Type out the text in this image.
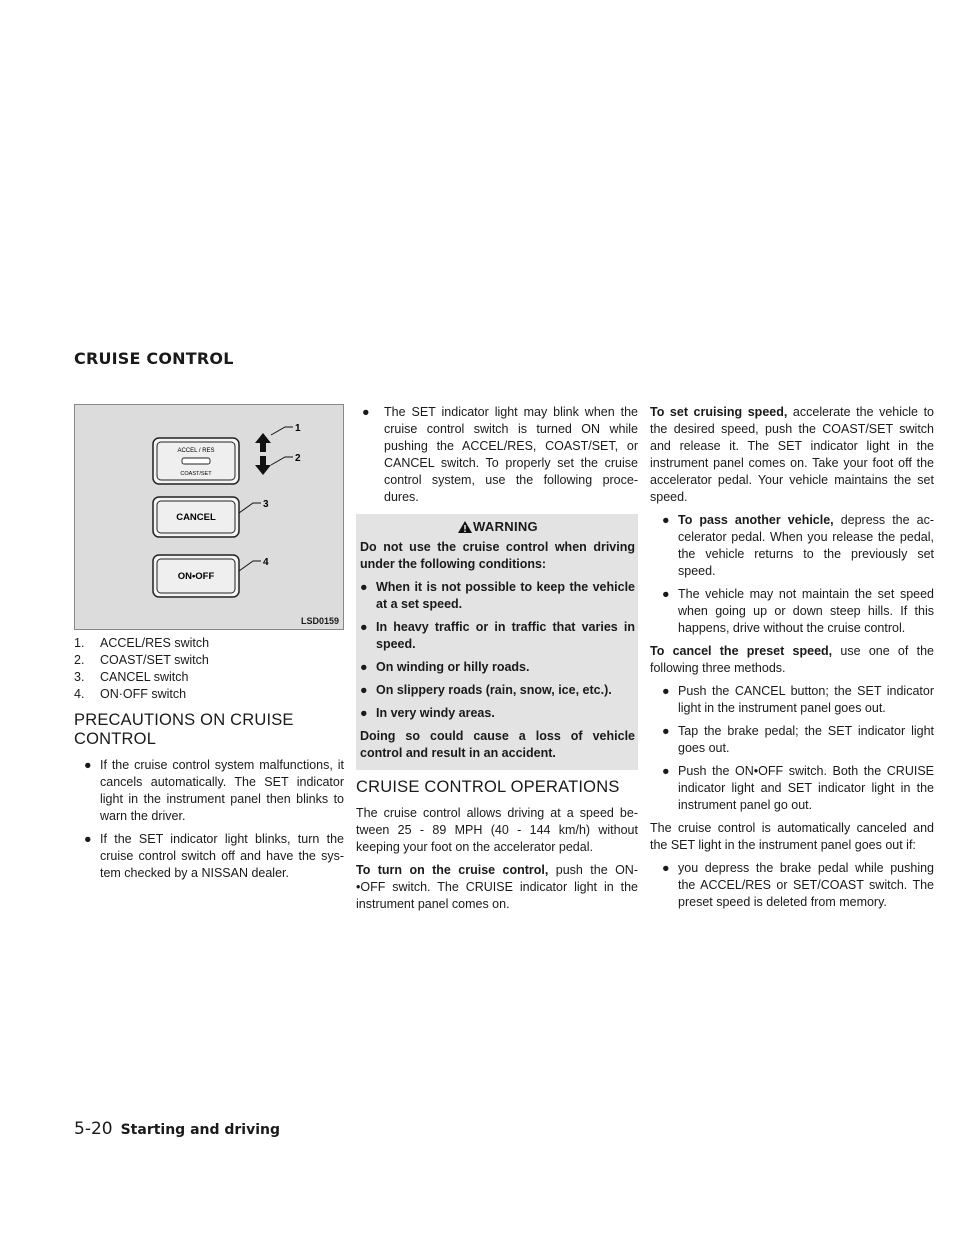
CRUISE CONTROL
ACCEL / RES
COAST/SET
1
2
CANCEL
3
ON•OFF
4
LSD0159
1.	ACCEL/RES switch
2.	COAST/SET switch
3.	CANCEL switch
4.	ON·OFF switch
PRECAUTIONS ON CRUISE CONTROL
● If the cruise control system malfunctions, it cancels automatically. The SET indicator light in the instrument panel then blinks to warn the driver.
● If the SET indicator light blinks, turn the cruise control switch off and have the sys- tem checked by a NISSAN dealer.
●	The SET indicator light may blink when the cruise control switch is turned ON while pushing the ACCEL/RES, COAST/SET, or CANCEL switch. To properly set the cruise control system, use the following proce- dures.
WARNING

Do not use the cruise control when driving under the following conditions:

● When it is not possible to keep the vehicle at a set speed.
● In heavy traffic or in traffic that varies in speed.
● On winding or hilly roads.
● On slippery roads (rain, snow, ice, etc.).
● In very windy areas.

Doing so could cause a loss of vehicle control and result in an accident.

CRUISE CONTROL OPERATIONS

The cruise control allows driving at a speed be- tween 25 - 89 MPH (40 - 144 km/h) without keeping your foot on the accelerator pedal.

To turn on the cruise control, push the ON- •OFF switch. The CRUISE indicator light in the instrument panel comes on.

To set cruising speed, accelerate the vehicle to the desired speed, push the COAST/SET switch and release it. The SET indicator light in the instrument panel comes on. Take your foot off the accelerator pedal. Your vehicle maintains the set speed.

● To pass another vehicle, depress the ac- celerator pedal. When you release the pedal, the vehicle returns to the previously set speed.
● The vehicle may not maintain the set speed when going up or down steep hills. If this happens, drive without the cruise control.

To cancel the preset speed, use one of the following three methods.

● Push the CANCEL button; the SET indicator light in the instrument panel goes out.
● Tap the brake pedal; the SET indicator light goes out.
● Push the ON•OFF switch. Both the CRUISE indicator light and SET indicator light in the instrument panel go out.

The cruise control is automatically canceled and the SET light in the instrument panel goes out if:

● you depress the brake pedal while pushing the ACCEL/RES or SET/COAST switch. The preset speed is deleted from memory.
5-20 Starting and driving
